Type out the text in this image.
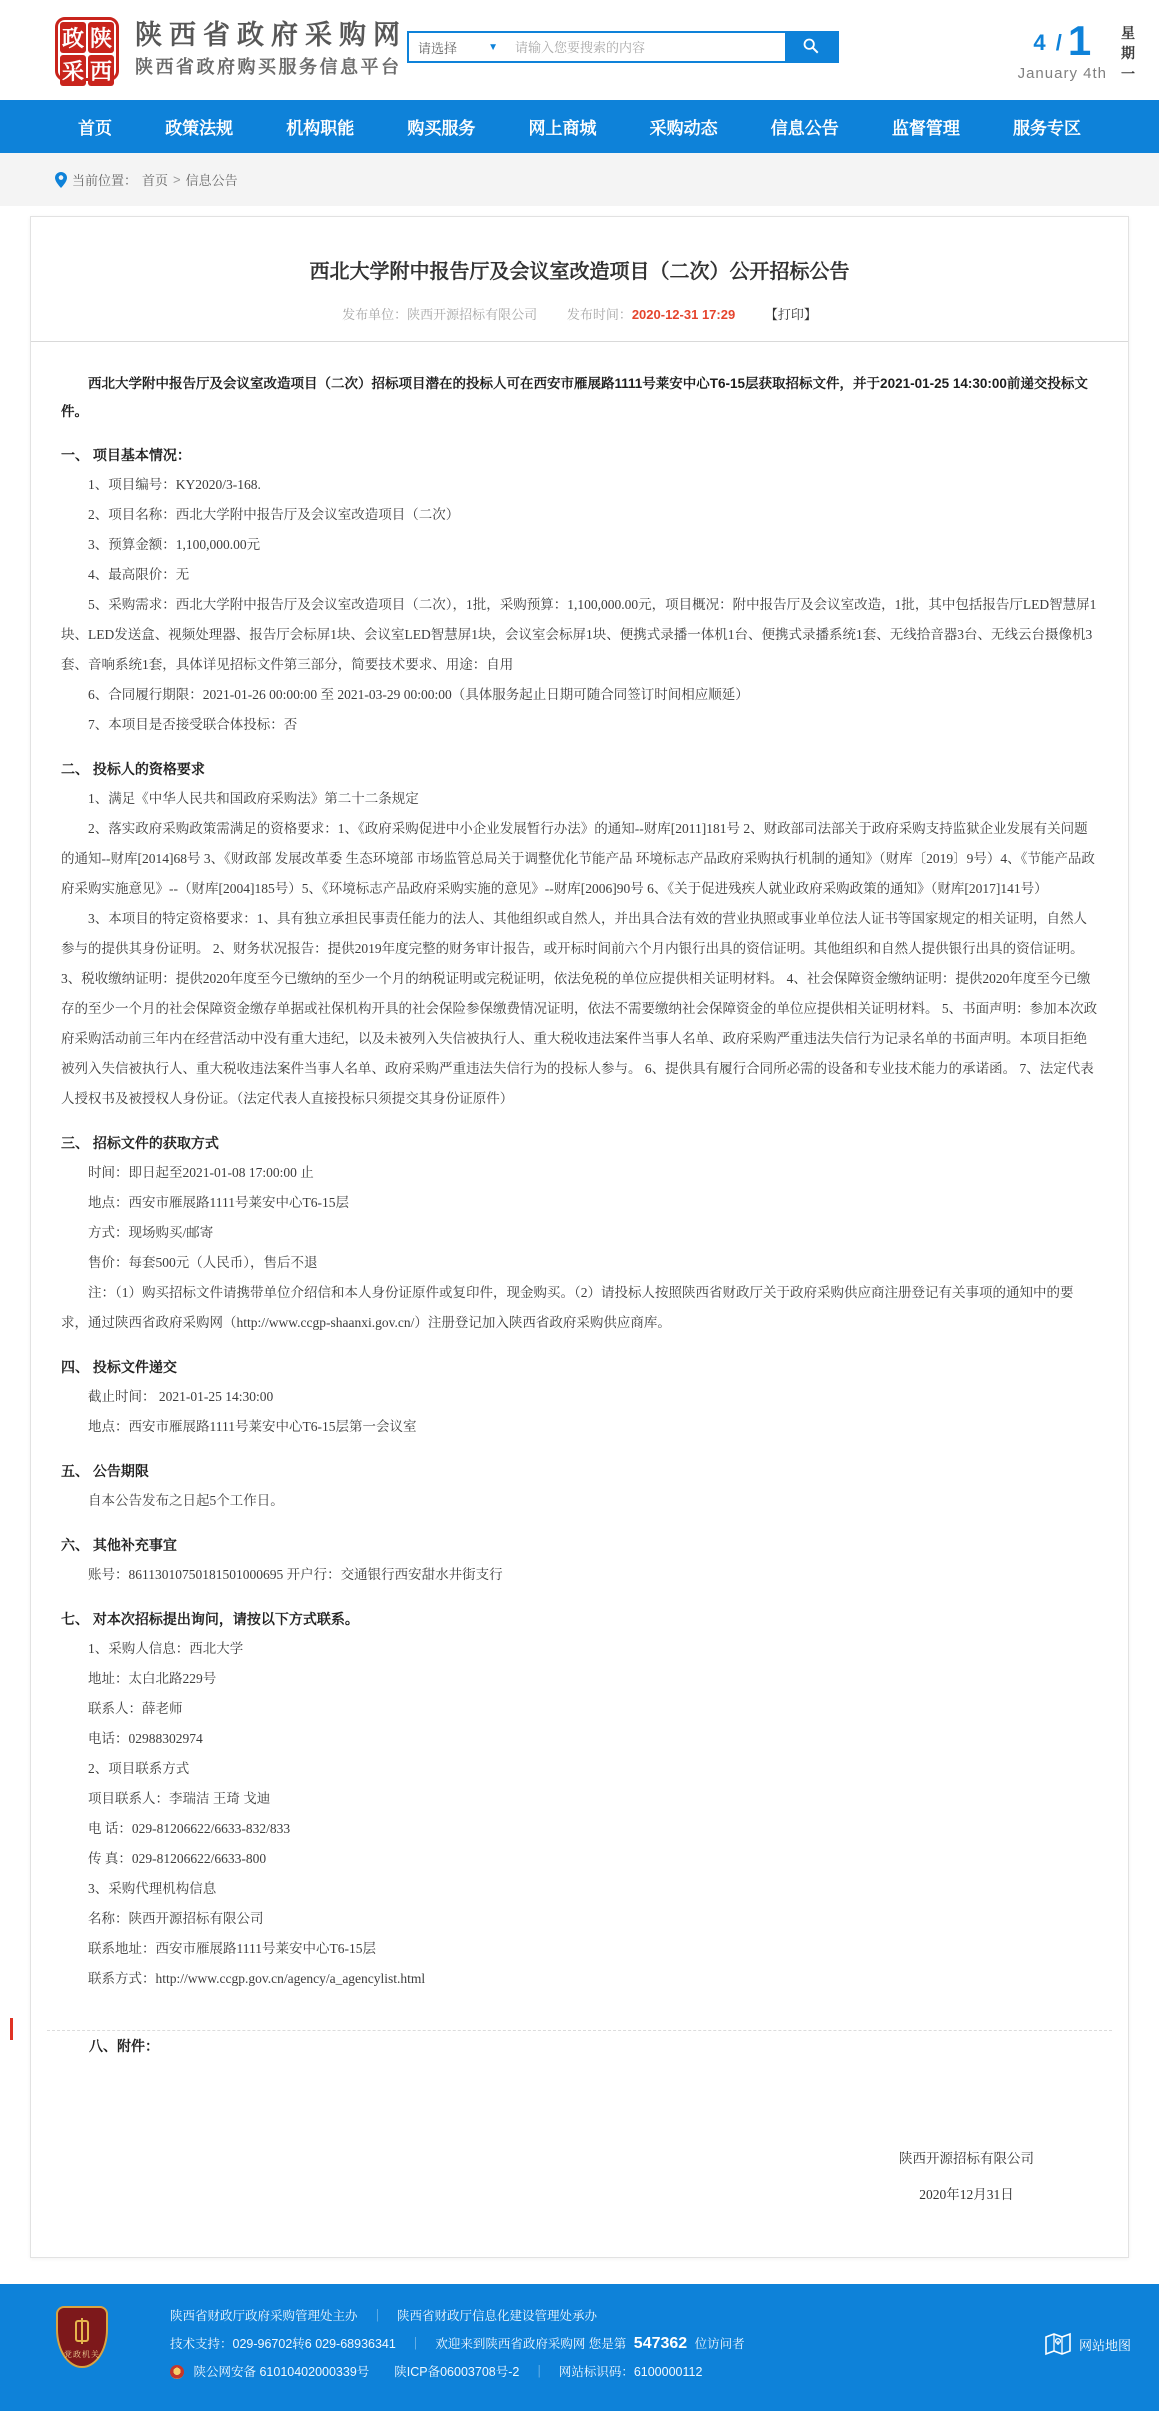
政 陕
采 西
陕西省政府采购网
陕西省政府购买服务信息平台
请选择	▼
请输入您要搜索的内容	4 / 1
January 4th
星
期
一
首页	政策法规	机构职能	购买服务	网上商城	采购动态	信息公告	监督管理	服务专区
当前位置： 首页 > 信息公告
西北大学附中报告厅及会议室改造项目（二次）公开招标公告
发布单位：陕西开源招标有限公司 发布时间：2020-12-31 17:29 【打印】

西北大学附中报告厅及会议室改造项目（二次）招标项目潜在的投标人可在西安市雁展路1111号莱安中心T6-15层获取招标文件，并于2021-01-25 14:30:00前递交投标文件。

一、 项目基本情况：

1、项目编号：KY2020/3-168.

2、项目名称：西北大学附中报告厅及会议室改造项目（二次）

3、预算金额：1,100,000.00元

4、最高限价：无

5、采购需求：西北大学附中报告厅及会议室改造项目（二次），1批，采购预算：1,100,000.00元，项目概况：附中报告厅及会议室改造，1批，其中包括报告厅LED智慧屏1块、LED发送盒、视频处理器、报告厅会标屏1块、会议室LED智慧屏1块，会议室会标屏1块、便携式录播一体机1台、便携式录播系统1套、无线拾音器3台、无线云台摄像机3套、音响系统1套，具体详见招标文件第三部分，简要技术要求、用途：自用

6、合同履行期限：2021-01-26 00:00:00 至 2021-03-29 00:00:00（具体服务起止日期可随合同签订时间相应顺延）

7、本项目是否接受联合体投标：否

二、 投标人的资格要求

1、满足《中华人民共和国政府采购法》第二十二条规定

2、落实政府采购政策需满足的资格要求：1、《政府采购促进中小企业发展暂行办法》的通知--财库[2011]181号 2、财政部司法部关于政府采购支持监狱企业发展有关问题的通知--财库[2014]68号 3、《财政部 发展改革委 生态环境部 市场监管总局关于调整优化节能产品 环境标志产品政府采购执行机制的通知》（财库〔2019〕9号）4、《节能产品政府采购实施意见》--（财库[2004]185号）5、《环境标志产品政府采购实施的意见》--财库[2006]90号 6、《关于促进残疾人就业政府采购政策的通知》（财库[2017]141号）

3、本项目的特定资格要求：1、具有独立承担民事责任能力的法人、其他组织或自然人，并出具合法有效的营业执照或事业单位法人证书等国家规定的相关证明，自然人参与的提供其身份证明。 2、财务状况报告：提供2019年度完整的财务审计报告，或开标时间前六个月内银行出具的资信证明。其他组织和自然人提供银行出具的资信证明。 3、税收缴纳证明：提供2020年度至今已缴纳的至少一个月的纳税证明或完税证明，依法免税的单位应提供相关证明材料。 4、社会保障资金缴纳证明：提供2020年度至今已缴存的至少一个月的社会保障资金缴存单据或社保机构开具的社会保险参保缴费情况证明，依法不需要缴纳社会保障资金的单位应提供相关证明材料。 5、书面声明：参加本次政府采购活动前三年内在经营活动中没有重大违纪，以及未被列入失信被执行人、重大税收违法案件当事人名单、政府采购严重违法失信行为记录名单的书面声明。本项目拒绝被列入失信被执行人、重大税收违法案件当事人名单、政府采购严重违法失信行为的投标人参与。 6、提供具有履行合同所必需的设备和专业技术能力的承诺函。 7、法定代表人授权书及被授权人身份证。（法定代表人直接投标只须提交其身份证原件）

三、 招标文件的获取方式

时间：即日起至2021-01-08 17:00:00 止

地点：西安市雁展路1111号莱安中心T6-15层

方式：现场购买/邮寄

售价：每套500元（人民币），售后不退

注：（1）购买招标文件请携带单位介绍信和本人身份证原件或复印件，现金购买。（2）请投标人按照陕西省财政厅关于政府采购供应商注册登记有关事项的通知中的要求，通过陕西省政府采购网（http://www.ccgp-shaanxi.gov.cn/）注册登记加入陕西省政府采购供应商库。

四、 投标文件递交

截止时间： 2021-01-25 14:30:00

地点：西安市雁展路1111号莱安中心T6-15层第一会议室

五、 公告期限

自本公告发布之日起5个工作日。

六、 其他补充事宜

账号：86113010750181501000695 开户行：交通银行西安甜水井街支行

七、 对本次招标提出询问，请按以下方式联系。

1、采购人信息：西北大学

地址：太白北路229号

联系人：薛老师

电话：02988302974

2、项目联系方式

项目联系人：李瑞洁 王琦 戈迪

电 话：029-81206622/6633-832/833

传 真：029-81206622/6633-800

3、采购代理机构信息

名称：陕西开源招标有限公司

联系地址：西安市雁展路1111号莱安中心T6-15层

联系方式：http://www.ccgp.gov.cn/agency/a_agencylist.html

八、附件：

陕西开源招标有限公司
2020年12月31日
党政机关
陕西省财政厅政府采购管理处主办 ｜ 陕西省财政厅信息化建设管理处承办
技术支持：029-96702转6 029-68936341 ｜ 欢迎来到陕西省政府采购网 您是第 547362 位访问者
陕公网安备 61010402000339号 陕ICP备06003708号-2 ｜ 网站标识码：6100000112
网站地图
